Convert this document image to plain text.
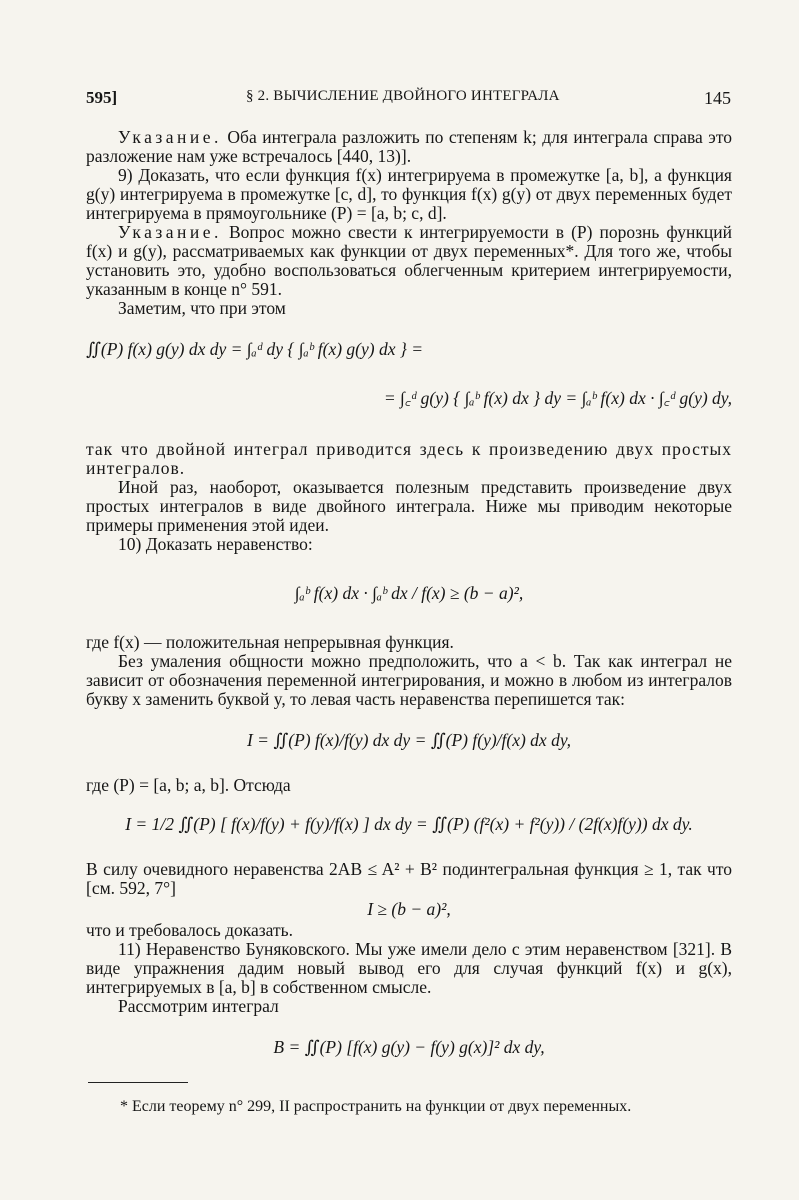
595]	§ 2. ВЫЧИСЛЕНИЕ ДВОЙНОГО ИНТЕГРАЛА	145

Указание. Оба интеграла разложить по степеням k; для интеграла справа это разложение нам уже встречалось [440, 13)].

9) Доказать, что если функция f(x) интегрируема в промежутке [a, b], а функция g(y) интегрируема в промежутке [c, d], то функция f(x) g(y) от двух переменных будет интегрируема в прямоугольнике (P) = [a, b; c, d].

Указание. Вопрос можно свести к интегрируемости в (P) порознь функций f(x) и g(y), рассматриваемых как функции от двух переменных*. Для того же, чтобы установить это, удобно воспользоваться облегченным критерием интегрируемости, указанным в конце n° 591.

Заметим, что при этом

∬(P) f(x) g(y) dx dy = ∫ₐᵈ dy { ∫ₐᵇ f(x) g(y) dx } =

= ∫꜀ᵈ g(y) { ∫ₐᵇ f(x) dx } dy = ∫ₐᵇ f(x) dx · ∫꜀ᵈ g(y) dy,

так что двойной интеграл приводится здесь к произведению двух простых интегралов.

Иной раз, наоборот, оказывается полезным представить произведение двух простых интегралов в виде двойного интеграла. Ниже мы приводим некоторые примеры применения этой идеи.

10) Доказать неравенство:

∫ₐᵇ f(x) dx · ∫ₐᵇ dx / f(x) ≥ (b − a)²,

где f(x) — положительная непрерывная функция.

Без умаления общности можно предположить, что a < b. Так как интеграл не зависит от обозначения переменной интегрирования, и можно в любом из интегралов букву x заменить буквой y, то левая часть неравенства перепишется так:

I = ∬(P) f(x)/f(y) dx dy = ∬(P) f(y)/f(x) dx dy,

где (P) = [a, b; a, b]. Отсюда

I = 1/2 ∬(P) [ f(x)/f(y) + f(y)/f(x) ] dx dy = ∬(P) (f²(x) + f²(y)) / (2f(x)f(y)) dx dy.

В силу очевидного неравенства 2AB ≤ A² + B² подинтегральная функция ≥ 1, так что [см. 592, 7°]

I ≥ (b − a)²,

что и требовалось доказать.

11) Неравенство Буняковского. Мы уже имели дело с этим неравенством [321]. В виде упражнения дадим новый вывод его для случая функций f(x) и g(x), интегрируемых в [a, b] в собственном смысле.

Рассмотрим интеграл

B = ∬(P) [f(x) g(y) − f(y) g(x)]² dx dy,

* Если теорему n° 299, II распространить на функции от двух переменных.
